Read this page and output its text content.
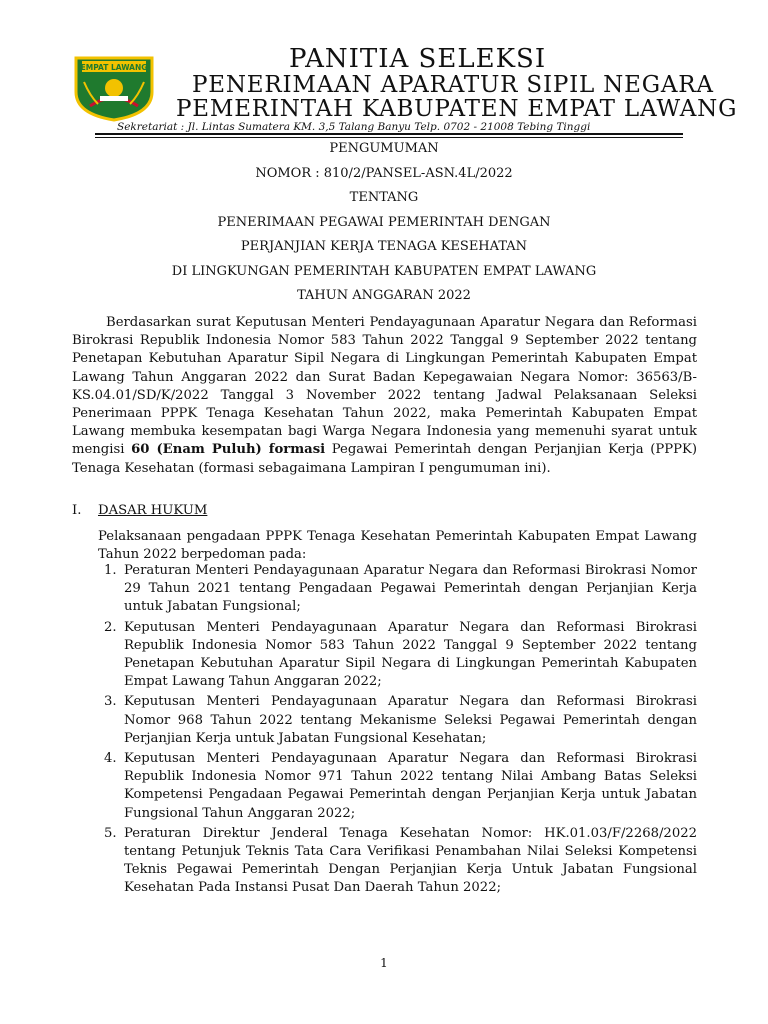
EMPAT LAWANG	PANITIA SELEKSI
PENERIMAAN APARATUR SIPIL NEGARA
PEMERINTAH KABUPATEN EMPAT LAWANG
Sekretariat : Jl. Lintas Sumatera KM. 3,5 Talang Banyu Telp. 0702 - 21008 Tebing Tinggi
PENGUMUMAN
NOMOR : 810/2/PANSEL-ASN.4L/2022
TENTANG
PENERIMAAN PEGAWAI PEMERINTAH DENGAN
PERJANJIAN KERJA TENAGA KESEHATAN
DI LINGKUNGAN PEMERINTAH KABUPATEN EMPAT LAWANG
TAHUN ANGGARAN 2022
Berdasarkan surat Keputusan Menteri Pendayagunaan Aparatur Negara dan Reformasi Birokrasi Republik Indonesia Nomor 583 Tahun 2022 Tanggal 9 September 2022 tentang Penetapan Kebutuhan Aparatur Sipil Negara di Lingkungan Pemerintah Kabupaten Empat Lawang Tahun Anggaran 2022 dan Surat Badan Kepegawaian Negara Nomor: 36563/B-KS.04.01/SD/K/2022 Tanggal 3 November 2022 tentang Jadwal Pelaksanaan Seleksi Penerimaan PPPK Tenaga Kesehatan Tahun 2022, maka Pemerintah Kabupaten Empat Lawang membuka kesempatan bagi Warga Negara Indonesia yang memenuhi syarat untuk mengisi 60 (Enam Puluh) formasi Pegawai Pemerintah dengan Perjanjian Kerja (PPPK) Tenaga Kesehatan (formasi sebagaimana Lampiran I pengumuman ini).
I. DASAR HUKUM
Pelaksanaan pengadaan PPPK Tenaga Kesehatan Pemerintah Kabupaten Empat Lawang Tahun 2022 berpedoman pada:
1. Peraturan Menteri Pendayagunaan Aparatur Negara dan Reformasi Birokrasi Nomor 29 Tahun 2021 tentang Pengadaan Pegawai Pemerintah dengan Perjanjian Kerja untuk Jabatan Fungsional;
2. Keputusan Menteri Pendayagunaan Aparatur Negara dan Reformasi Birokrasi Republik Indonesia Nomor 583 Tahun 2022 Tanggal 9 September 2022 tentang Penetapan Kebutuhan Aparatur Sipil Negara di Lingkungan Pemerintah Kabupaten Empat Lawang Tahun Anggaran 2022;
3. Keputusan Menteri Pendayagunaan Aparatur Negara dan Reformasi Birokrasi Nomor 968 Tahun 2022 tentang Mekanisme Seleksi Pegawai Pemerintah dengan Perjanjian Kerja untuk Jabatan Fungsional Kesehatan;
4. Keputusan Menteri Pendayagunaan Aparatur Negara dan Reformasi Birokrasi Republik Indonesia Nomor 971 Tahun 2022 tentang Nilai Ambang Batas Seleksi Kompetensi Pengadaan Pegawai Pemerintah dengan Perjanjian Kerja untuk Jabatan Fungsional Tahun Anggaran 2022;
5. Peraturan Direktur Jenderal Tenaga Kesehatan Nomor: HK.01.03/F/2268/2022 tentang Petunjuk Teknis Tata Cara Verifikasi Penambahan Nilai Seleksi Kompetensi Teknis Pegawai Pemerintah Dengan Perjanjian Kerja Untuk Jabatan Fungsional Kesehatan Pada Instansi Pusat Dan Daerah Tahun 2022;
1
